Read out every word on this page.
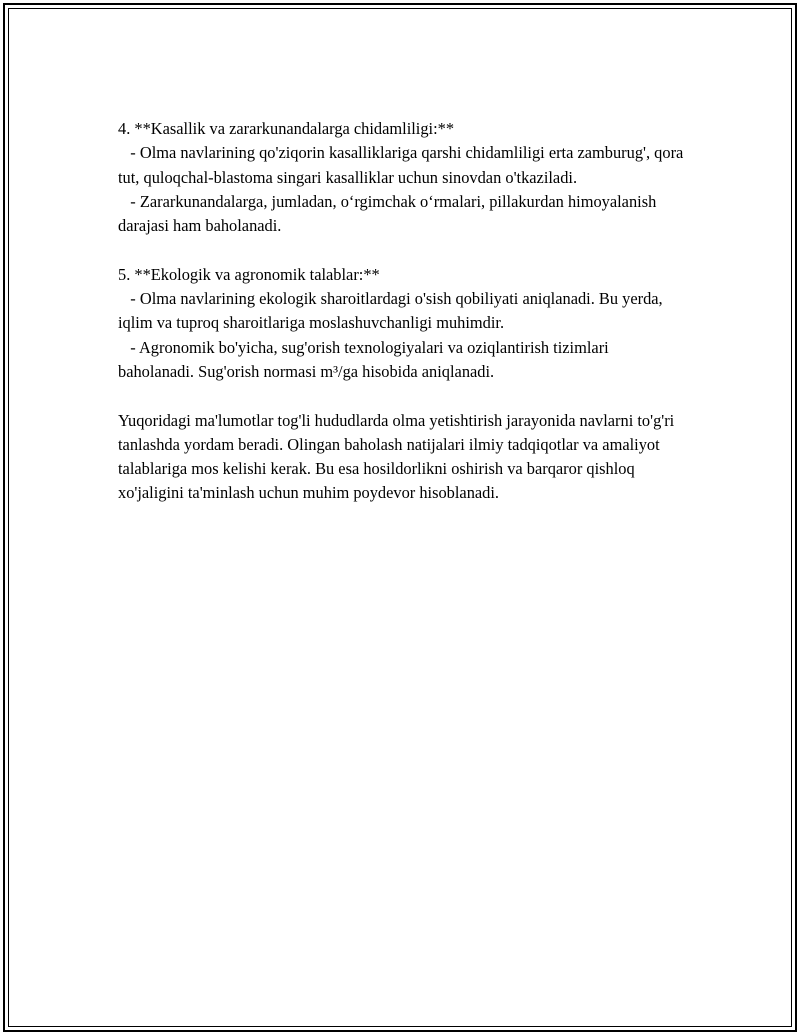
4. **Kasallik va zararkunandalarga chidamliligi:**

- Olma navlarining qo'ziqorin kasalliklariga qarshi chidamliligi erta zamburug', qora tut, quloqchal-blastoma singari kasalliklar uchun sinovdan o'tkaziladi.

- Zararkunandalarga, jumladan, o‘rgimchak o‘rmalari, pillakurdan himoyalanish darajasi ham baholanadi.

5. **Ekologik va agronomik talablar:**

- Olma navlarining ekologik sharoitlardagi o'sish qobiliyati aniqlanadi. Bu yerda, iqlim va tuproq sharoitlariga moslashuvchanligi muhimdir.

- Agronomik bo'yicha, sug'orish texnologiyalari va oziqlantirish tizimlari baholanadi. Sug'orish normasi m³/ga hisobida aniqlanadi.

Yuqoridagi ma'lumotlar tog'li hududlarda olma yetishtirish jarayonida navlarni to'g'ri tanlashda yordam beradi. Olingan baholash natijalari ilmiy tadqiqotlar va amaliyot talablariga mos kelishi kerak. Bu esa hosildorlikni oshirish va barqaror qishloq xo'jaligini ta'minlash uchun muhim poydevor hisoblanadi.
